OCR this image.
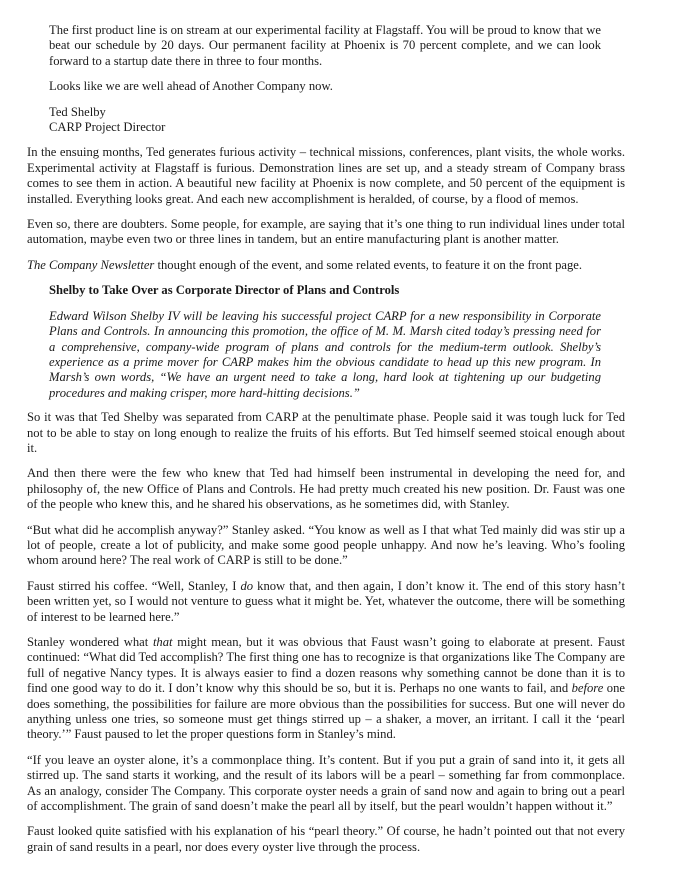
The first product line is on stream at our experimental facility at Flagstaff. You will be proud to know that we beat our schedule by 20 days. Our permanent facility at Phoenix is 70 percent complete, and we can look forward to a startup date there in three to four months.

Looks like we are well ahead of Another Company now.

Ted Shelby
CARP Project Director

In the ensuing months, Ted generates furious activity – technical missions, conferences, plant visits, the whole works. Experimental activity at Flagstaff is furious. Demonstration lines are set up, and a steady stream of Company brass comes to see them in action. A beautiful new facility at Phoenix is now complete, and 50 percent of the equipment is installed. Everything looks great. And each new accomplishment is heralded, of course, by a flood of memos.

Even so, there are doubters. Some people, for example, are saying that it’s one thing to run individual lines under total automation, maybe even two or three lines in tandem, but an entire manufacturing plant is another matter.

The Company Newsletter thought enough of the event, and some related events, to feature it on the front page.

Shelby to Take Over as Corporate Director of Plans and Controls

Edward Wilson Shelby IV will be leaving his successful project CARP for a new responsibility in Corporate Plans and Controls. In announcing this promotion, the office of M. M. Marsh cited today’s pressing need for a comprehensive, company-wide program of plans and controls for the medium-term outlook. Shelby’s experience as a prime mover for CARP makes him the obvious candidate to head up this new program. In Marsh’s own words, “We have an urgent need to take a long, hard look at tightening up our budgeting procedures and making crisper, more hard-hitting decisions.”

So it was that Ted Shelby was separated from CARP at the penultimate phase. People said it was tough luck for Ted not to be able to stay on long enough to realize the fruits of his efforts. But Ted himself seemed stoical enough about it.

And then there were the few who knew that Ted had himself been instrumental in developing the need for, and philosophy of, the new Office of Plans and Controls. He had pretty much created his new position. Dr. Faust was one of the people who knew this, and he shared his observations, as he sometimes did, with Stanley.

“But what did he accomplish anyway?” Stanley asked. “You know as well as I that what Ted mainly did was stir up a lot of people, create a lot of publicity, and make some good people unhappy. And now he’s leaving. Who’s fooling whom around here? The real work of CARP is still to be done.”

Faust stirred his coffee. “Well, Stanley, I do know that, and then again, I don’t know it. The end of this story hasn’t been written yet, so I would not venture to guess what it might be. Yet, whatever the outcome, there will be something of interest to be learned here.”

Stanley wondered what that might mean, but it was obvious that Faust wasn’t going to elaborate at present. Faust continued: “What did Ted accomplish? The first thing one has to recognize is that organizations like The Company are full of negative Nancy types. It is always easier to find a dozen reasons why something cannot be done than it is to find one good way to do it. I don’t know why this should be so, but it is. Perhaps no one wants to fail, and before one does something, the possibilities for failure are more obvious than the possibilities for success. But one will never do anything unless one tries, so someone must get things stirred up – a shaker, a mover, an irritant. I call it the ‘pearl theory.’” Faust paused to let the proper questions form in Stanley’s mind.

“If you leave an oyster alone, it’s a commonplace thing. It’s content. But if you put a grain of sand into it, it gets all stirred up. The sand starts it working, and the result of its labors will be a pearl – something far from commonplace. As an analogy, consider The Company. This corporate oyster needs a grain of sand now and again to bring out a pearl of accomplishment. The grain of sand doesn’t make the pearl all by itself, but the pearl wouldn’t happen without it.”

Faust looked quite satisfied with his explanation of his “pearl theory.” Of course, he hadn’t pointed out that not every grain of sand results in a pearl, nor does every oyster live through the process.
